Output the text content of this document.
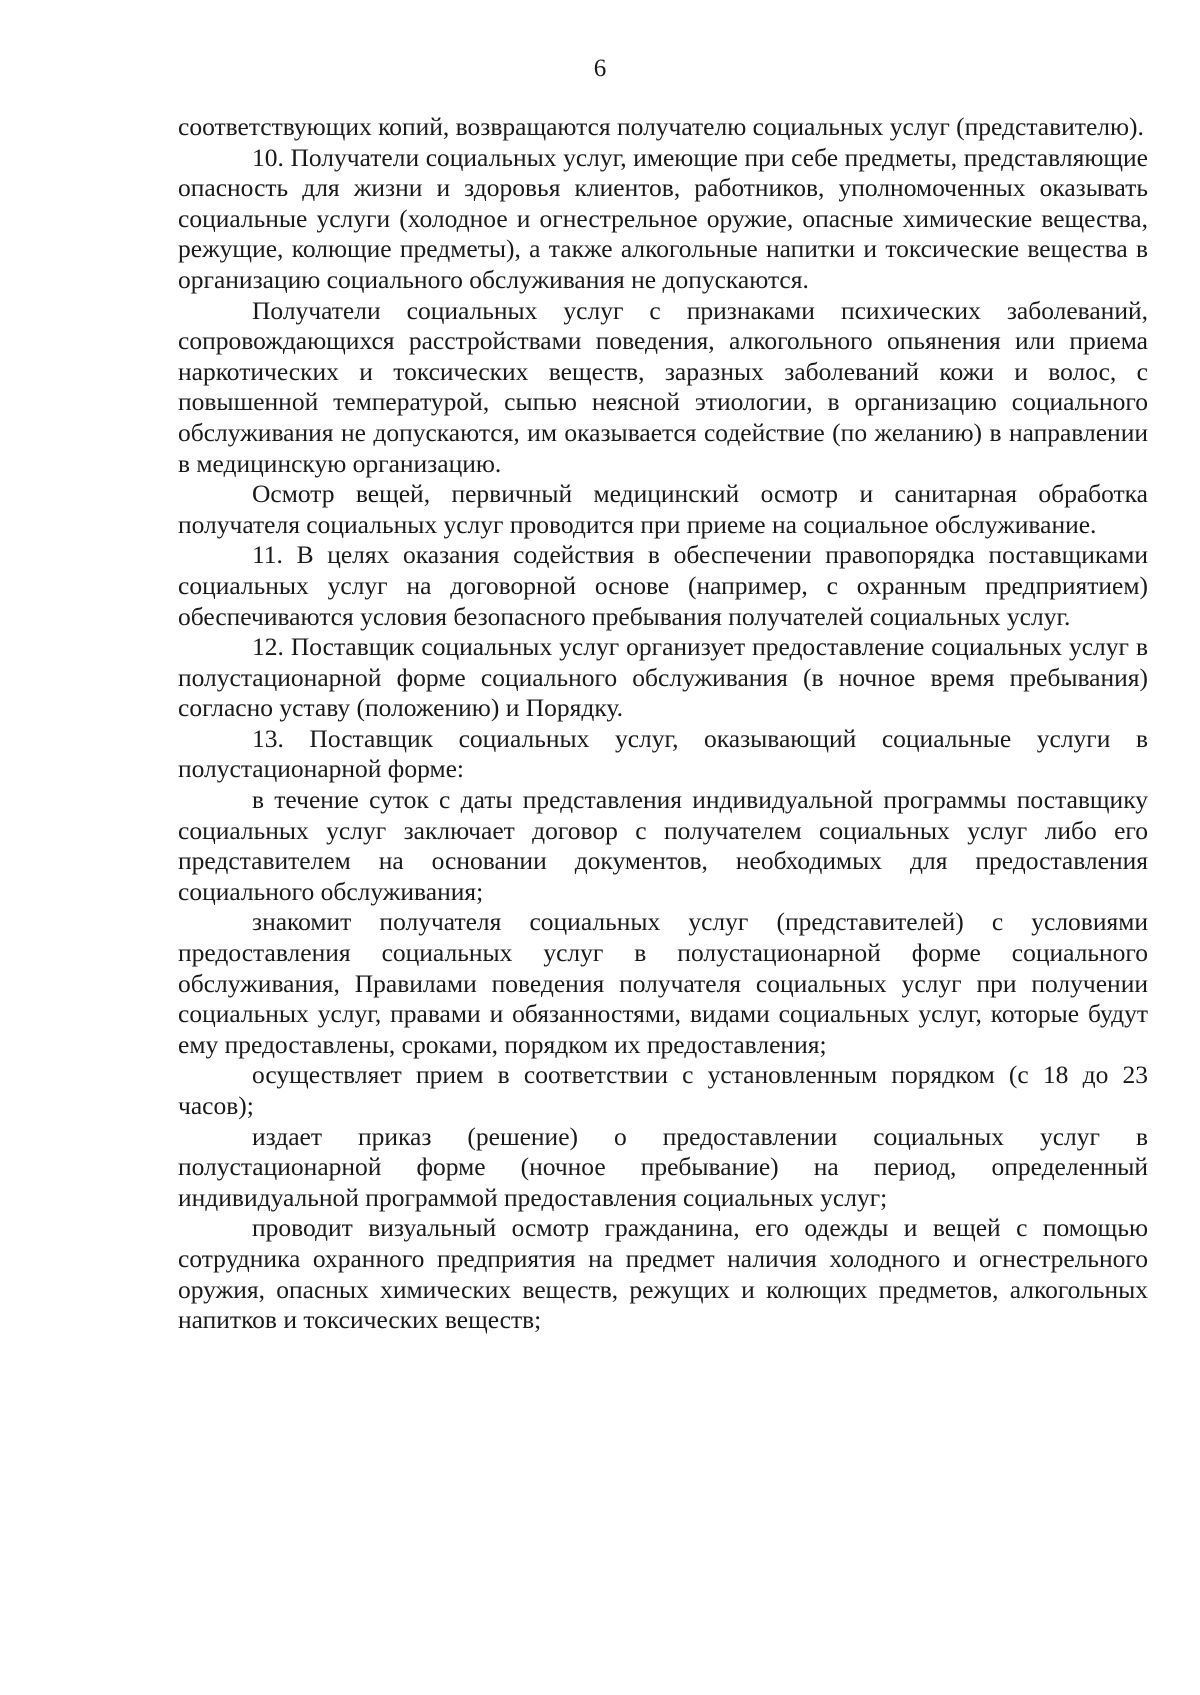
6

соответствующих копий, возвращаются получателю социальных услуг (представителю).

10. Получатели социальных услуг, имеющие при себе предметы, представляющие опасность для жизни и здоровья клиентов, работников, уполномоченных оказывать социальные услуги (холодное и огнестрельное оружие, опасные химические вещества, режущие, колющие предметы), а также алкогольные напитки и токсические вещества в организацию социального обслуживания не допускаются.

Получатели социальных услуг с признаками психических заболеваний, сопровождающихся расстройствами поведения, алкогольного опьянения или приема наркотических и токсических веществ, заразных заболеваний кожи и волос, с повышенной температурой, сыпью неясной этиологии, в организацию социального обслуживания не допускаются, им оказывается содействие (по желанию) в направлении в медицинскую организацию.

Осмотр вещей, первичный медицинский осмотр и санитарная обработка получателя социальных услуг проводится при приеме на социальное обслуживание.

11. В целях оказания содействия в обеспечении правопорядка поставщиками социальных услуг на договорной основе (например, с охранным предприятием) обеспечиваются условия безопасного пребывания получателей социальных услуг.

12. Поставщик социальных услуг организует предоставление социальных услуг в полустационарной форме социального обслуживания (в ночное время пребывания) согласно уставу (положению) и Порядку.

13. Поставщик социальных услуг, оказывающий социальные услуги в полустационарной форме:

в течение суток с даты представления индивидуальной программы поставщику социальных услуг заключает договор с получателем социальных услуг либо его представителем на основании документов, необходимых для предоставления социального обслуживания;

знакомит получателя социальных услуг (представителей) с условиями предоставления социальных услуг в полустационарной форме социального обслуживания, Правилами поведения получателя социальных услуг при получении социальных услуг, правами и обязанностями, видами социальных услуг, которые будут ему предоставлены, сроками, порядком их предоставления;

осуществляет прием в соответствии с установленным порядком (с 18 до 23 часов);

издает приказ (решение) о предоставлении социальных услуг в полустационарной форме (ночное пребывание) на период, определенный индивидуальной программой предоставления социальных услуг;

проводит визуальный осмотр гражданина, его одежды и вещей с помощью сотрудника охранного предприятия на предмет наличия холодного и огнестрельного оружия, опасных химических веществ, режущих и колющих предметов, алкогольных напитков и токсических веществ;
